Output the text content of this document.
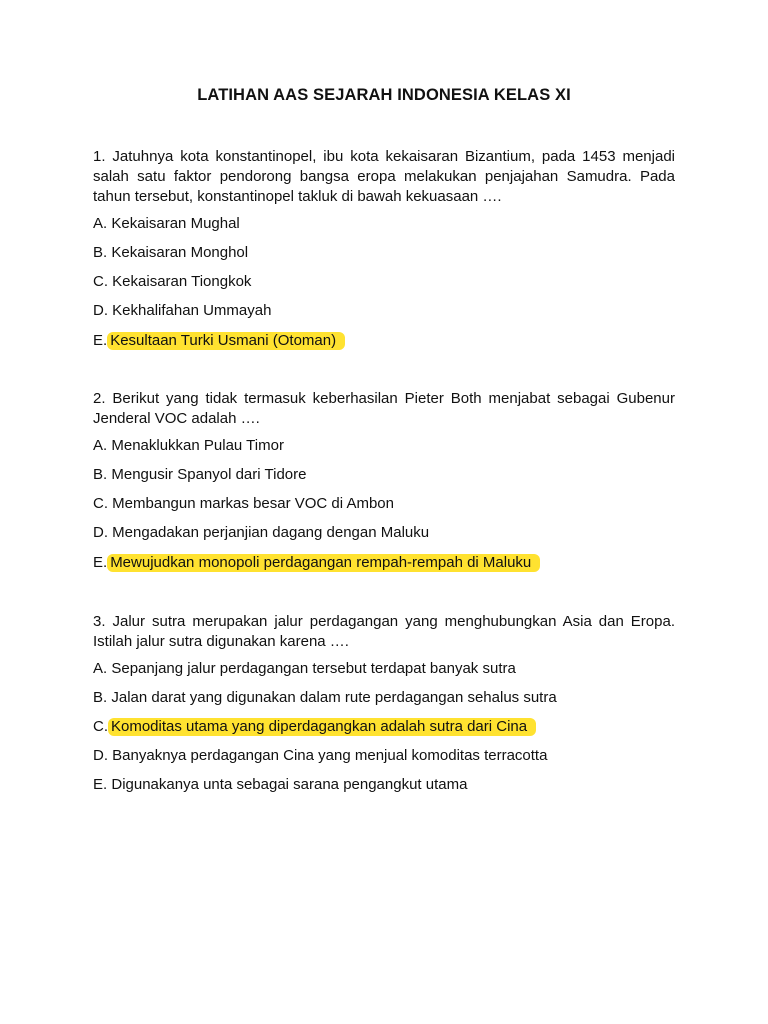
LATIHAN AAS SEJARAH INDONESIA KELAS XI
1. Jatuhnya kota konstantinopel, ibu kota kekaisaran Bizantium, pada 1453 menjadi salah satu faktor pendorong bangsa eropa melakukan penjajahan Samudra. Pada tahun tersebut, konstantinopel takluk di bawah kekuasaan ….
A. Kekaisaran Mughal
B. Kekaisaran Monghol
C. Kekaisaran Tiongkok
D. Kekhalifahan Ummayah
E. Kesultaan Turki Usmani (Otoman)
2. Berikut yang tidak termasuk keberhasilan Pieter Both menjabat sebagai Gubenur Jenderal VOC adalah ….
A. Menaklukkan Pulau Timor
B. Mengusir Spanyol dari Tidore
C. Membangun markas besar VOC di Ambon
D. Mengadakan perjanjian dagang dengan Maluku
E. Mewujudkan monopoli perdagangan rempah-rempah di Maluku
3. Jalur sutra merupakan jalur perdagangan yang menghubungkan Asia dan Eropa. Istilah jalur sutra digunakan karena ….
A. Sepanjang jalur perdagangan tersebut terdapat banyak sutra
B. Jalan darat yang digunakan dalam rute perdagangan sehalus sutra
C. Komoditas utama yang diperdagangkan adalah sutra dari Cina
D. Banyaknya perdagangan Cina yang menjual komoditas terracotta
E. Digunakanya unta sebagai sarana pengangkut utama
